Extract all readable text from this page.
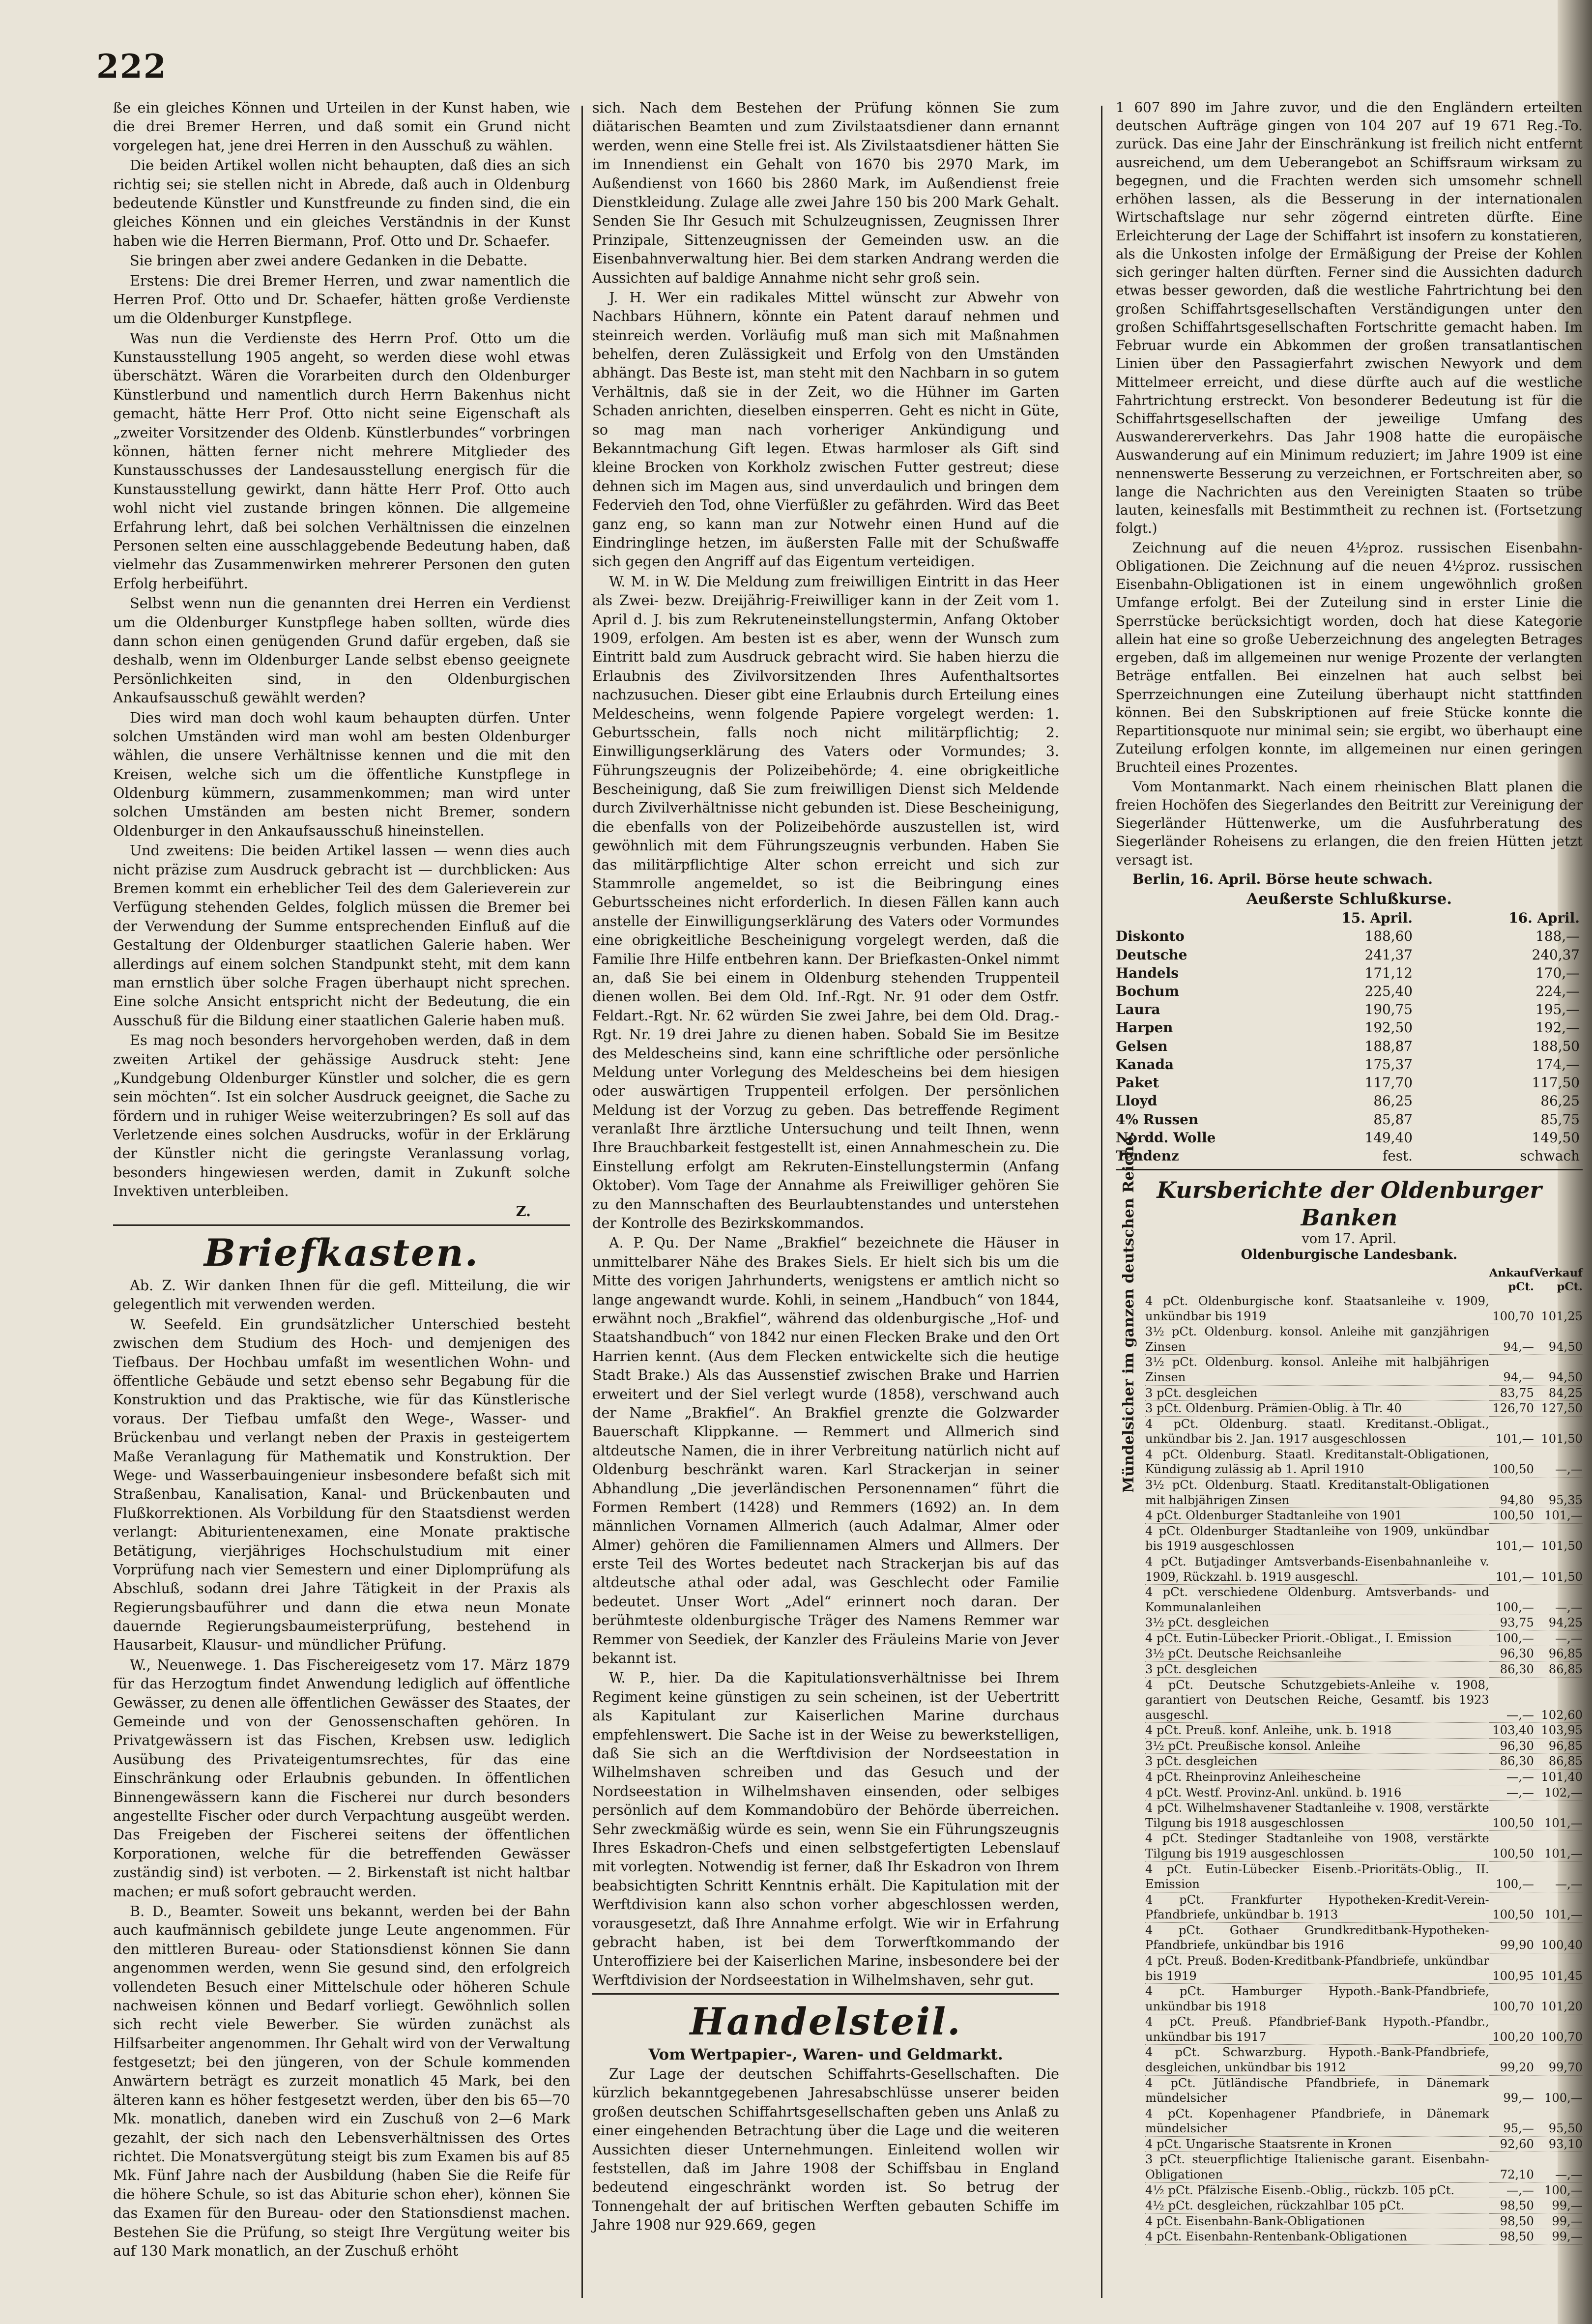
222

ße ein gleiches Können und Urteilen in der Kunst haben, wie die drei Bremer Herren, und daß somit ein Grund nicht vorgelegen hat, jene drei Herren in den Ausschuß zu wählen.

Die beiden Artikel wollen nicht behaupten, daß dies an sich richtig sei; sie stellen nicht in Abrede, daß auch in Oldenburg bedeutende Künstler und Kunstfreunde zu finden sind, die ein gleiches Können und ein gleiches Verständnis in der Kunst haben wie die Herren Biermann, Prof. Otto und Dr. Schaefer.

Sie bringen aber zwei andere Gedanken in die Debatte.

Erstens: Die drei Bremer Herren, und zwar namentlich die Herren Prof. Otto und Dr. Schaefer, hätten große Verdienste um die Oldenburger Kunstpflege.

Was nun die Verdienste des Herrn Prof. Otto um die Kunstausstellung 1905 angeht, so werden diese wohl etwas überschätzt. Wären die Vorarbeiten durch den Oldenburger Künstlerbund und namentlich durch Herrn Bakenhus nicht gemacht, hätte Herr Prof. Otto nicht seine Eigenschaft als „zweiter Vorsitzender des Oldenb. Künstlerbundes“ vorbringen können, hätten ferner nicht mehrere Mitglieder des Kunstausschusses der Landesausstellung energisch für die Kunstausstellung gewirkt, dann hätte Herr Prof. Otto auch wohl nicht viel zustande bringen können. Die allgemeine Erfahrung lehrt, daß bei solchen Verhältnissen die einzelnen Personen selten eine ausschlaggebende Bedeutung haben, daß vielmehr das Zusammenwirken mehrerer Personen den guten Erfolg herbeiführt.

Selbst wenn nun die genannten drei Herren ein Verdienst um die Oldenburger Kunstpflege haben sollten, würde dies dann schon einen genügenden Grund dafür ergeben, daß sie deshalb, wenn im Oldenburger Lande selbst ebenso geeignete Persönlichkeiten sind, in den Oldenburgischen Ankaufsausschuß gewählt werden?

Dies wird man doch wohl kaum behaupten dürfen. Unter solchen Umständen wird man wohl am besten Oldenburger wählen, die unsere Verhältnisse kennen und die mit den Kreisen, welche sich um die öffentliche Kunstpflege in Oldenburg kümmern, zusammenkommen; man wird unter solchen Umständen am besten nicht Bremer, sondern Oldenburger in den Ankaufsausschuß hineinstellen.

Und zweitens: Die beiden Artikel lassen — wenn dies auch nicht präzise zum Ausdruck gebracht ist — durchblicken: Aus Bremen kommt ein erheblicher Teil des dem Galerieverein zur Verfügung stehenden Geldes, folglich müssen die Bremer bei der Verwendung der Summe entsprechenden Einfluß auf die Gestaltung der Oldenburger staatlichen Galerie haben. Wer allerdings auf einem solchen Standpunkt steht, mit dem kann man ernstlich über solche Fragen überhaupt nicht sprechen. Eine solche Ansicht entspricht nicht der Bedeutung, die ein Ausschuß für die Bildung einer staatlichen Galerie haben muß.

Es mag noch besonders hervorgehoben werden, daß in dem zweiten Artikel der gehässige Ausdruck steht: Jene „Kundgebung Oldenburger Künstler und solcher, die es gern sein möchten“. Ist ein solcher Ausdruck geeignet, die Sache zu fördern und in ruhiger Weise weiterzubringen? Es soll auf das Verletzende eines solchen Ausdrucks, wofür in der Erklärung der Künstler nicht die geringste Veranlassung vorlag, besonders hingewiesen werden, damit in Zukunft solche Invektiven unterbleiben.

Z.

Briefkasten.

Ab. Z. Wir danken Ihnen für die gefl. Mitteilung, die wir gelegentlich mit verwenden werden.

W. Seefeld. Ein grundsätzlicher Unterschied besteht zwischen dem Studium des Hoch- und demjenigen des Tiefbaus. Der Hochbau umfaßt im wesentlichen Wohn- und öffentliche Gebäude und setzt ebenso sehr Begabung für die Konstruktion und das Praktische, wie für das Künstlerische voraus. Der Tiefbau umfaßt den Wege-, Wasser- und Brückenbau und verlangt neben der Praxis in gesteigertem Maße Veranlagung für Mathematik und Konstruktion. Der Wege- und Wasserbauingenieur insbesondere befaßt sich mit Straßenbau, Kanalisation, Kanal- und Brückenbauten und Flußkorrektionen. Als Vorbildung für den Staatsdienst werden verlangt: Abiturientenexamen, eine Monate praktische Betätigung, vierjähriges Hochschulstudium mit einer Vorprüfung nach vier Semestern und einer Diplomprüfung als Abschluß, sodann drei Jahre Tätigkeit in der Praxis als Regierungsbauführer und dann die etwa neun Monate dauernde Regierungsbaumeisterprüfung, bestehend in Hausarbeit, Klausur- und mündlicher Prüfung.

W., Neuenwege. 1. Das Fischereigesetz vom 17. März 1879 für das Herzogtum findet Anwendung lediglich auf öffentliche Gewässer, zu denen alle öffentlichen Gewässer des Staates, der Gemeinde und von der Genossenschaften gehören. In Privatgewässern ist das Fischen, Krebsen usw. lediglich Ausübung des Privateigentumsrechtes, für das eine Einschränkung oder Erlaubnis gebunden. In öffentlichen Binnengewässern kann die Fischerei nur durch besonders angestellte Fischer oder durch Verpachtung ausgeübt werden. Das Freigeben der Fischerei seitens der öffentlichen Korporationen, welche für die betreffenden Gewässer zuständig sind) ist verboten. — 2. Birkenstaft ist nicht haltbar machen; er muß sofort gebraucht werden.

B. D., Beamter. Soweit uns bekannt, werden bei der Bahn auch kaufmännisch gebildete junge Leute angenommen. Für den mittleren Bureau- oder Stationsdienst können Sie dann angenommen werden, wenn Sie gesund sind, den erfolgreich vollendeten Besuch einer Mittelschule oder höheren Schule nachweisen können und Bedarf vorliegt. Gewöhnlich sollen sich recht viele Bewerber. Sie würden zunächst als Hilfsarbeiter angenommen. Ihr Gehalt wird von der Verwaltung festgesetzt; bei den jüngeren, von der Schule kommenden Anwärtern beträgt es zurzeit monatlich 45 Mark, bei den älteren kann es höher festgesetzt werden, über den bis 65—70 Mk. monatlich, daneben wird ein Zuschuß von 2—6 Mark gezahlt, der sich nach den Lebensverhältnissen des Ortes richtet. Die Monatsvergütung steigt bis zum Examen bis auf 85 Mk. Fünf Jahre nach der Ausbildung (haben Sie die Reife für die höhere Schule, so ist das Abiturie schon eher), können Sie das Examen für den Bureau- oder den Stationsdienst machen. Bestehen Sie die Prüfung, so steigt Ihre Vergütung weiter bis auf 130 Mark monatlich, an der Zuschuß erhöht

sich. Nach dem Bestehen der Prüfung können Sie zum diätarischen Beamten und zum Zivilstaatsdiener dann ernannt werden, wenn eine Stelle frei ist. Als Zivilstaatsdiener hätten Sie im Innendienst ein Gehalt von 1670 bis 2970 Mark, im Außendienst von 1660 bis 2860 Mark, im Außendienst freie Dienstkleidung. Zulage alle zwei Jahre 150 bis 200 Mark Gehalt. Senden Sie Ihr Gesuch mit Schulzeugnissen, Zeugnissen Ihrer Prinzipale, Sittenzeugnissen der Gemeinden usw. an die Eisenbahnverwaltung hier. Bei dem starken Andrang werden die Aussichten auf baldige Annahme nicht sehr groß sein.

J. H. Wer ein radikales Mittel wünscht zur Abwehr von Nachbars Hühnern, könnte ein Patent darauf nehmen und steinreich werden. Vorläufig muß man sich mit Maßnahmen behelfen, deren Zulässigkeit und Erfolg von den Umständen abhängt. Das Beste ist, man steht mit den Nachbarn in so gutem Verhältnis, daß sie in der Zeit, wo die Hühner im Garten Schaden anrichten, dieselben einsperren. Geht es nicht in Güte, so mag man nach vorheriger Ankündigung und Bekanntmachung Gift legen. Etwas harmloser als Gift sind kleine Brocken von Korkholz zwischen Futter gestreut; diese dehnen sich im Magen aus, sind unverdaulich und bringen dem Federvieh den Tod, ohne Vierfüßler zu gefährden. Wird das Beet ganz eng, so kann man zur Notwehr einen Hund auf die Eindringlinge hetzen, im äußersten Falle mit der Schußwaffe sich gegen den Angriff auf das Eigentum verteidigen.

W. M. in W. Die Meldung zum freiwilligen Eintritt in das Heer als Zwei- bezw. Dreijährig-Freiwilliger kann in der Zeit vom 1. April d. J. bis zum Rekruteneinstellungstermin, Anfang Oktober 1909, erfolgen. Am besten ist es aber, wenn der Wunsch zum Eintritt bald zum Ausdruck gebracht wird. Sie haben hierzu die Erlaubnis des Zivilvorsitzenden Ihres Aufenthaltsortes nachzusuchen. Dieser gibt eine Erlaubnis durch Erteilung eines Meldescheins, wenn folgende Papiere vorgelegt werden: 1. Geburtsschein, falls noch nicht militärpflichtig; 2. Einwilligungserklärung des Vaters oder Vormundes; 3. Führungszeugnis der Polizeibehörde; 4. eine obrigkeitliche Bescheinigung, daß Sie zum freiwilligen Dienst sich Meldende durch Zivilverhältnisse nicht gebunden ist. Diese Bescheinigung, die ebenfalls von der Polizeibehörde auszustellen ist, wird gewöhnlich mit dem Führungszeugnis verbunden. Haben Sie das militärpflichtige Alter schon erreicht und sich zur Stammrolle angemeldet, so ist die Beibringung eines Geburtsscheines nicht erforderlich. In diesen Fällen kann auch anstelle der Einwilligungserklärung des Vaters oder Vormundes eine obrigkeitliche Bescheinigung vorgelegt werden, daß die Familie Ihre Hilfe entbehren kann. Der Briefkasten-Onkel nimmt an, daß Sie bei einem in Oldenburg stehenden Truppenteil dienen wollen. Bei dem Old. Inf.-Rgt. Nr. 91 oder dem Ostfr. Feldart.-Rgt. Nr. 62 würden Sie zwei Jahre, bei dem Old. Drag.-Rgt. Nr. 19 drei Jahre zu dienen haben. Sobald Sie im Besitze des Meldescheins sind, kann eine schriftliche oder persönliche Meldung unter Vorlegung des Meldescheins bei dem hiesigen oder auswärtigen Truppenteil erfolgen. Der persönlichen Meldung ist der Vorzug zu geben. Das betreffende Regiment veranlaßt Ihre ärztliche Untersuchung und teilt Ihnen, wenn Ihre Brauchbarkeit festgestellt ist, einen Annahmeschein zu. Die Einstellung erfolgt am Rekruten-Einstellungstermin (Anfang Oktober). Vom Tage der Annahme als Freiwilliger gehören Sie zu den Mannschaften des Beurlaubtenstandes und unterstehen der Kontrolle des Bezirkskommandos.

A. P. Qu. Der Name „Brakfiel“ bezeichnete die Häuser in unmittelbarer Nähe des Brakes Siels. Er hielt sich bis um die Mitte des vorigen Jahrhunderts, wenigstens er amtlich nicht so lange angewandt wurde. Kohli, in seinem „Handbuch“ von 1844, erwähnt noch „Brakfiel“, während das oldenburgische „Hof- und Staatshandbuch“ von 1842 nur einen Flecken Brake und den Ort Harrien kennt. (Aus dem Flecken entwickelte sich die heutige Stadt Brake.) Als das Aussenstief zwischen Brake und Harrien erweitert und der Siel verlegt wurde (1858), verschwand auch der Name „Brakfiel“. An Brakfiel grenzte die Golzwarder Bauerschaft Klippkanne. — Remmert und Allmerich sind altdeutsche Namen, die in ihrer Verbreitung natürlich nicht auf Oldenburg beschränkt waren. Karl Strackerjan in seiner Abhandlung „Die jeverländischen Personennamen“ führt die Formen Rembert (1428) und Remmers (1692) an. In dem männlichen Vornamen Allmerich (auch Adalmar, Almer oder Almer) gehören die Familiennamen Almers und Allmers. Der erste Teil des Wortes bedeutet nach Strackerjan bis auf das altdeutsche athal oder adal, was Geschlecht oder Familie bedeutet. Unser Wort „Adel“ erinnert noch daran. Der berühmteste oldenburgische Träger des Namens Remmer war Remmer von Seediek, der Kanzler des Fräuleins Marie von Jever bekannt ist.

W. P., hier. Da die Kapitulationsverhältnisse bei Ihrem Regiment keine günstigen zu sein scheinen, ist der Uebertritt als Kapitulant zur Kaiserlichen Marine durchaus empfehlenswert. Die Sache ist in der Weise zu bewerkstelligen, daß Sie sich an die Werftdivision der Nordseestation in Wilhelmshaven schreiben und das Gesuch und der Nordseestation in Wilhelmshaven einsenden, oder selbiges persönlich auf dem Kommandobüro der Behörde überreichen. Sehr zweckmäßig würde es sein, wenn Sie ein Führungszeugnis Ihres Eskadron-Chefs und einen selbstgefertigten Lebenslauf mit vorlegten. Notwendig ist ferner, daß Ihr Eskadron von Ihrem beabsichtigten Schritt Kenntnis erhält. Die Kapitulation mit der Werftdivision kann also schon vorher abgeschlossen werden, vorausgesetzt, daß Ihre Annahme erfolgt. Wie wir in Erfahrung gebracht haben, ist bei dem Torwerftkommando der Unteroffiziere bei der Kaiserlichen Marine, insbesondere bei der Werftdivision der Nordseestation in Wilhelmshaven, sehr gut.

Handelsteil.
Vom Wertpapier-, Waren- und Geldmarkt.

Zur Lage der deutschen Schiffahrts-Gesellschaften. Die kürzlich bekanntgegebenen Jahresabschlüsse unserer beiden großen deutschen Schiffahrtsgesellschaften geben uns Anlaß zu einer eingehenden Betrachtung über die Lage und die weiteren Aussichten dieser Unternehmungen. Einleitend wollen wir feststellen, daß im Jahre 1908 der Schiffsbau in England bedeutend eingeschränkt worden ist. So betrug der Tonnengehalt der auf britischen Werften gebauten Schiffe im Jahre 1908 nur 929.669, gegen

1 607 890 im Jahre zuvor, und die den Engländern erteilten deutschen Aufträge gingen von 104 207 auf 19 671 Reg.-To. zurück. Das eine Jahr der Einschränkung ist freilich nicht entfernt ausreichend, um dem Ueberangebot an Schiffsraum wirksam zu begegnen, und die Frachten werden sich umsomehr schnell erhöhen lassen, als die Besserung in der internationalen Wirtschaftslage nur sehr zögernd eintreten dürfte. Eine Erleichterung der Lage der Schiffahrt ist insofern zu konstatieren, als die Unkosten infolge der Ermäßigung der Preise der Kohlen sich geringer halten dürften. Ferner sind die Aussichten dadurch etwas besser geworden, daß die westliche Fahrtrichtung bei den großen Schiffahrtsgesellschaften Verständigungen unter den großen Schiffahrtsgesellschaften Fortschritte gemacht haben. Im Februar wurde ein Abkommen der großen transatlantischen Linien über den Passagierfahrt zwischen Newyork und dem Mittelmeer erreicht, und diese dürfte auch auf die westliche Fahrtrichtung erstreckt. Von besonderer Bedeutung ist für die Schiffahrtsgesellschaften der jeweilige Umfang des Auswandererverkehrs. Das Jahr 1908 hatte die europäische Auswanderung auf ein Minimum reduziert; im Jahre 1909 ist eine nennenswerte Besserung zu verzeichnen, er Fortschreiten aber, so lange die Nachrichten aus den Vereinigten Staaten so trübe lauten, keinesfalls mit Bestimmtheit zu rechnen ist. (Fortsetzung folgt.)

Zeichnung auf die neuen 4½proz. russischen Eisenbahn-Obligationen. Die Zeichnung auf die neuen 4½proz. russischen Eisenbahn-Obligationen ist in einem ungewöhnlich großen Umfange erfolgt. Bei der Zuteilung sind in erster Linie die Sperrstücke berücksichtigt worden, doch hat diese Kategorie allein hat eine so große Ueberzeichnung des angelegten Betrages ergeben, daß im allgemeinen nur wenige Prozente der verlangten Beträge entfallen. Bei einzelnen hat auch selbst bei Sperrzeichnungen eine Zuteilung überhaupt nicht stattfinden können. Bei den Subskriptionen auf freie Stücke konnte die Repartitionsquote nur minimal sein; sie ergibt, wo überhaupt eine Zuteilung erfolgen konnte, im allgemeinen nur einen geringen Bruchteil eines Prozentes.

Vom Montanmarkt. Nach einem rheinischen Blatt planen die freien Hochöfen des Siegerlandes den Beitritt zur Vereinigung der Siegerländer Hüttenwerke, um die Ausfuhrberatung des Siegerländer Roheisens zu erlangen, die den freien Hütten jetzt versagt ist.

Berlin, 16. April. Börse heute schwach.

Aeußerste Schlußkurse.
	15. April.	16. April.
Diskonto	188,60	188,—
Deutsche	241,37	240,37
Handels	171,12	170,—
Bochum	225,40	224,—
Laura	190,75	195,—
Harpen	192,50	192,—
Gelsen	188,87	188,50
Kanada	175,37	174,—
Paket	117,70	117,50
Lloyd	86,25	86,25
4% Russen	85,87	85,75
Nordd. Wolle	149,40	149,50
Tendenz	fest.	schwach
Kursberichte der Oldenburger Banken
vom 17. April.
Oldenburgische Landesbank.
Mündelsicher im ganzen deutschen Reiche.
		Ankauf pCt.	Verkauf pCt.
4 pCt. Oldenburgische konf. Staatsanleihe v. 1909, unkündbar bis 1919	100,70	101,25
3½ pCt. Oldenburg. konsol. Anleihe mit ganzjährigen Zinsen	94,—	94,50
3½ pCt. Oldenburg. konsol. Anleihe mit halbjährigen Zinsen	94,—	94,50
3 pCt. desgleichen	83,75	84,25
3 pCt. Oldenburg. Prämien-Oblig. à Tlr. 40	126,70	127,50
4 pCt. Oldenburg. staatl. Kreditanst.-Obligat., unkündbar bis 2. Jan. 1917 ausgeschlossen	101,—	101,50
4 pCt. Oldenburg. Staatl. Kreditanstalt-Obligationen, Kündigung zulässig ab 1. April 1910	100,50	—,—
3½ pCt. Oldenburg. Staatl. Kreditanstalt-Obligationen mit halbjährigen Zinsen	94,80	95,35
4 pCt. Oldenburger Stadtanleihe von 1901	100,50	101,—
4 pCt. Oldenburger Stadtanleihe von 1909, unkündbar bis 1919 ausgeschlossen	101,—	101,50
4 pCt. Butjadinger Amtsverbands-Eisenbahnanleihe v. 1909, Rückzahl. b. 1919 ausgeschl.	101,—	101,50
4 pCt. verschiedene Oldenburg. Amtsverbands- und Kommunalanleihen	100,—	—,—
3½ pCt. desgleichen	93,75	94,25
4 pCt. Eutin-Lübecker Priorit.-Obligat., I. Emission	100,—	—,—
3½ pCt. Deutsche Reichsanleihe	96,30	96,85
3 pCt. desgleichen	86,30	86,85
4 pCt. Deutsche Schutzgebiets-Anleihe v. 1908, garantiert von Deutschen Reiche, Gesamtf. bis 1923 ausgeschl.	—,—	102,60
4 pCt. Preuß. konf. Anleihe, unk. b. 1918	103,40	103,95
3½ pCt. Preußische konsol. Anleihe	96,30	96,85
3 pCt. desgleichen	86,30	86,85
4 pCt. Rheinprovinz Anleihescheine	—,—	101,40
4 pCt. Westf. Provinz-Anl. unkünd. b. 1916	—,—	102,—
4 pCt. Wilhelmshavener Stadtanleihe v. 1908, verstärkte Tilgung bis 1918 ausgeschlossen	100,50	101,—
4 pCt. Stedinger Stadtanleihe von 1908, verstärkte Tilgung bis 1919 ausgeschlossen	100,50	101,—
4 pCt. Eutin-Lübecker Eisenb.-Prioritäts-Oblig., II. Emission	100,—	—,—
4 pCt. Frankfurter Hypotheken-Kredit-Verein-Pfandbriefe, unkündbar b. 1913	100,50	101,—
4 pCt. Gothaer Grundkreditbank-Hypotheken-Pfandbriefe, unkündbar bis 1916	99,90	100,40
4 pCt. Preuß. Boden-Kreditbank-Pfandbriefe, unkündbar bis 1919	100,95	101,45
4 pCt. Hamburger Hypoth.-Bank-Pfandbriefe, unkündbar bis 1918	100,70	101,20
4 pCt. Preuß. Pfandbrief-Bank Hypoth.-Pfandbr., unkündbar bis 1917	100,20	100,70
4 pCt. Schwarzburg. Hypoth.-Bank-Pfandbriefe, desgleichen, unkündbar bis 1912	99,20	99,70
4 pCt. Jütländische Pfandbriefe, in Dänemark mündelsicher	99,—	100,—
4 pCt. Kopenhagener Pfandbriefe, in Dänemark mündelsicher	95,—	95,50
4 pCt. Ungarische Staatsrente in Kronen	92,60	93,10
3 pCt. steuerpflichtige Italienische garant. Eisenbahn-Obligationen	72,10	—,—
4½ pCt. Pfälzische Eisenb.-Oblig., rückzb. 105 pCt.	—,—	100,—
4½ pCt. desgleichen, rückzahlbar 105 pCt.	98,50	99,—
4 pCt. Eisenbahn-Bank-Obligationen	98,50	99,—
4 pCt. Eisenbahn-Rentenbank-Obligationen	98,50	99,—
